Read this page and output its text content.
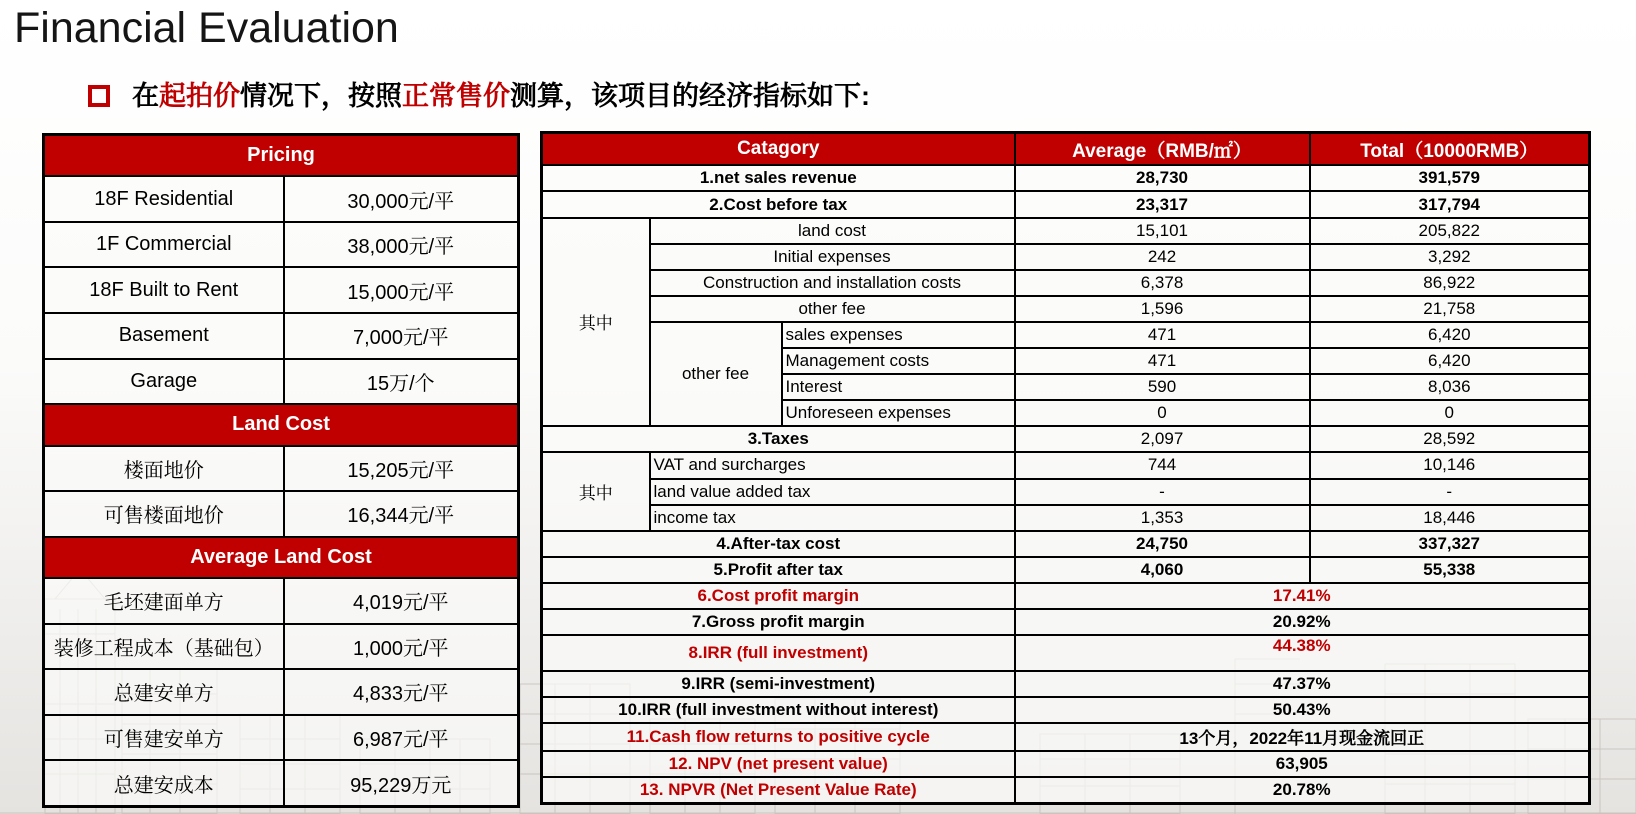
Financial Evaluation
在起拍价情况下，按照正常售价测算，该项目的经济指标如下:
Pricing	
18F Residential	30,000元/平
1F Commercial	38,000元/平
18F Built to Rent	15,000元/平
Basement	7,000元/平
Garage	15万/个
Land Cost	
楼面地价	15,205元/平
可售楼面地价	16,344元/平
Average Land Cost	
毛坯建面单方	4,019元/平
装修工程成本（基础包）	1,000元/平
总建安单方	4,833元/平
可售建安单方	6,987元/平
总建安成本	95,229万元
Catagory			Average（RMB/㎡）	Total（10000RMB）
1.net sales revenue			28,730	391,579
2.Cost before tax			23,317	317,794
其中	land cost		15,101	205,822
	Initial expenses		242	3,292
	Construction and installation costs		6,378	86,922
	other fee		1,596	21,758
	other fee	sales expenses	471	6,420
		Management costs	471	6,420
		Interest	590	8,036
		Unforeseen expenses	0	0
3.Taxes			2,097	28,592
其中	VAT and surcharges		744	10,146
	land value added tax		-	-
	income tax		1,353	18,446
4.After-tax cost			24,750	337,327
5.Profit after tax			4,060	55,338
6.Cost profit margin			17.41%	
7.Gross profit margin			20.92%	
8.IRR (full investment)			44.38%	
9.IRR (semi-investment)			47.37%	
10.IRR (full investment without interest)			50.43%	
11.Cash flow returns to positive cycle			13个月，2022年11月现金流回正	
12. NPV (net present value)			63,905	
13. NPVR (Net Present Value Rate)			20.78%	
